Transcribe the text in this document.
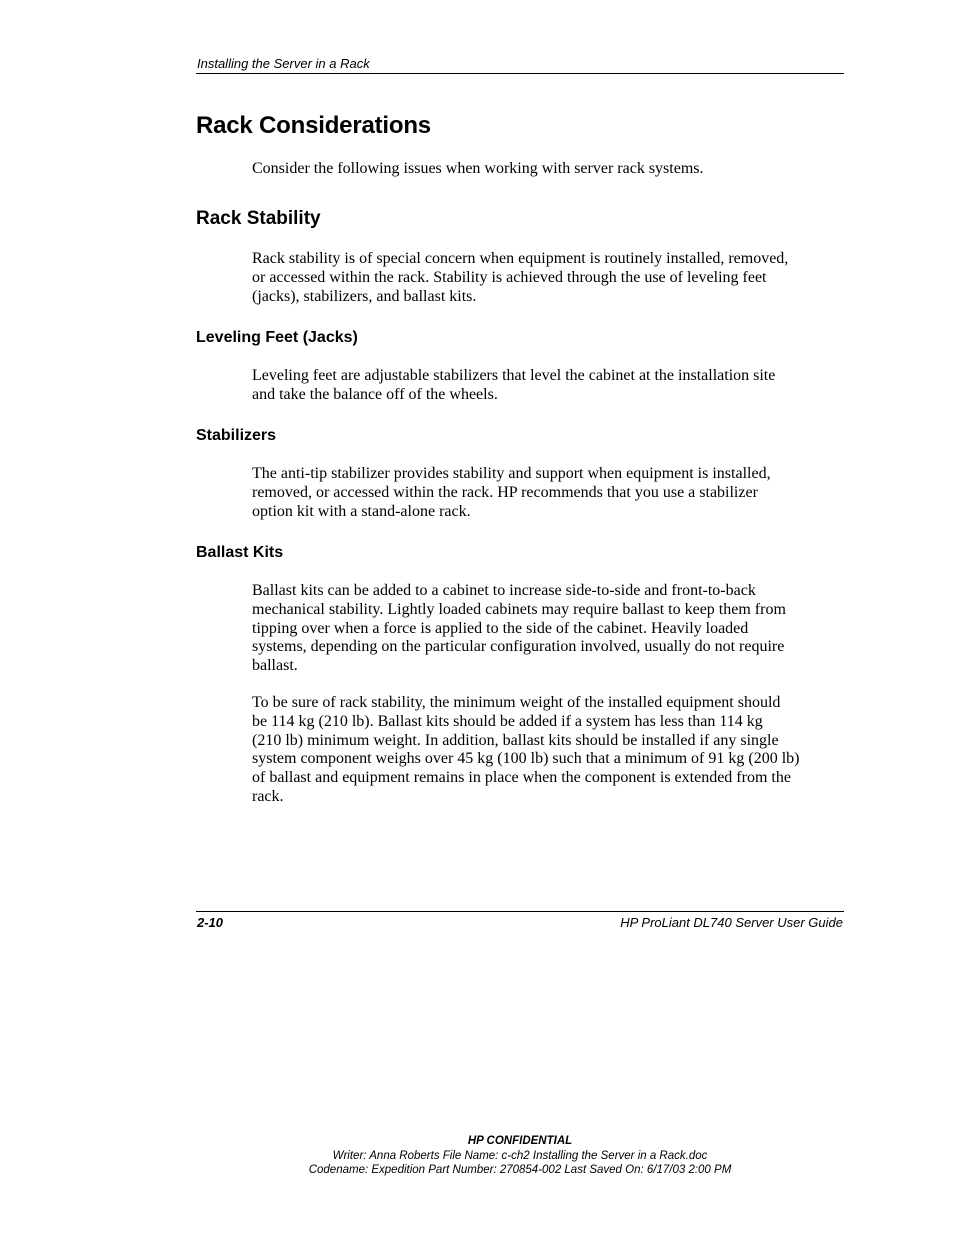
Installing the Server in a Rack
Rack Considerations

Consider the following issues when working with server rack systems.

Rack Stability

Rack stability is of special concern when equipment is routinely installed, removed,
or accessed within the rack. Stability is achieved through the use of leveling feet
(jacks), stabilizers, and ballast kits.

Leveling Feet (Jacks)

Leveling feet are adjustable stabilizers that level the cabinet at the installation site
and take the balance off of the wheels.

Stabilizers

The anti-tip stabilizer provides stability and support when equipment is installed,
removed, or accessed within the rack. HP recommends that you use a stabilizer
option kit with a stand-alone rack.

Ballast Kits

Ballast kits can be added to a cabinet to increase side-to-side and front-to-back
mechanical stability. Lightly loaded cabinets may require ballast to keep them from
tipping over when a force is applied to the side of the cabinet. Heavily loaded
systems, depending on the particular configuration involved, usually do not require
ballast.

To be sure of rack stability, the minimum weight of the installed equipment should
be 114 kg (210 lb). Ballast kits should be added if a system has less than 114 kg
(210 lb) minimum weight. In addition, ballast kits should be installed if any single
system component weighs over 45 kg (100 lb) such that a minimum of 91 kg (200 lb)
of ballast and equipment remains in place when the component is extended from the
rack.

2-10	HP ProLiant DL740 Server User Guide
HP CONFIDENTIAL
Writer: Anna Roberts File Name: c-ch2 Installing the Server in a Rack.doc
Codename: Expedition Part Number: 270854-002 Last Saved On: 6/17/03 2:00 PM
